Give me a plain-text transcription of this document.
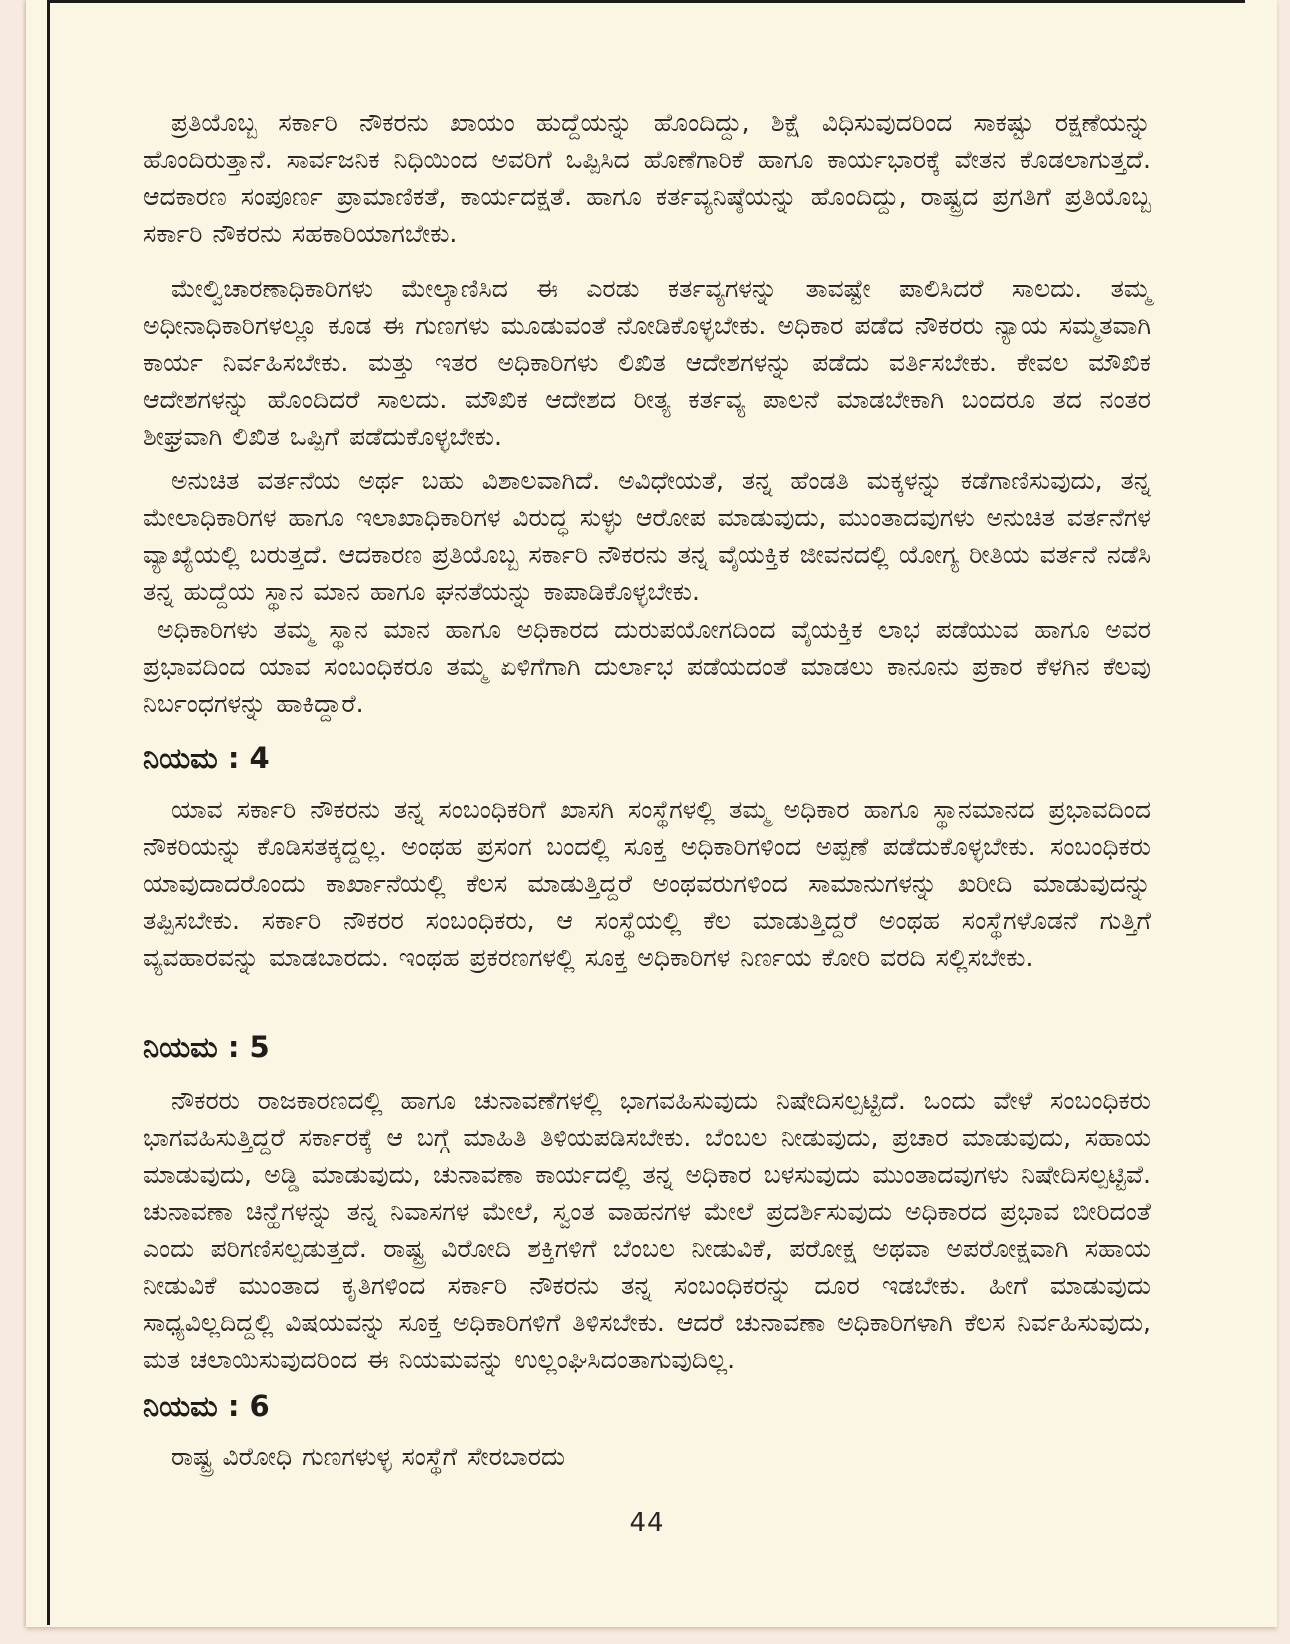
ಪ್ರತಿಯೊಬ್ಬ ಸರ್ಕಾರಿ ನೌಕರನು ಖಾಯಂ ಹುದ್ದೆಯನ್ನು ಹೊಂದಿದ್ದು, ಶಿಕ್ಷೆ ವಿಧಿಸುವುದರಿಂದ ಸಾಕಷ್ಟು ರಕ್ಷಣೆಯನ್ನು ಹೊಂದಿರುತ್ತಾನೆ. ಸಾರ್ವಜನಿಕ ನಿಧಿಯಿಂದ ಅವರಿಗೆ ಒಪ್ಪಿಸಿದ ಹೊಣೆಗಾರಿಕೆ ಹಾಗೂ ಕಾರ್ಯಭಾರಕ್ಕೆ ವೇತನ ಕೊಡಲಾಗುತ್ತದೆ. ಆದಕಾರಣ ಸಂಪೂರ್ಣ ಪ್ರಾಮಾಣಿಕತೆ, ಕಾರ್ಯದಕ್ಷತೆ. ಹಾಗೂ ಕರ್ತವ್ಯನಿಷ್ಠೆಯನ್ನು ಹೊಂದಿದ್ದು, ರಾಷ್ಟ್ರದ ಪ್ರಗತಿಗೆ ಪ್ರತಿಯೊಬ್ಬ ಸರ್ಕಾರಿ ನೌಕರನು ಸಹಕಾರಿಯಾಗಬೇಕು.
ಮೇಲ್ವಿಚಾರಣಾಧಿಕಾರಿಗಳು ಮೇಲ್ಕಾಣಿಸಿದ ಈ ಎರಡು ಕರ್ತವ್ಯಗಳನ್ನು ತಾವಷ್ಟೇ ಪಾಲಿಸಿದರೆ ಸಾಲದು. ತಮ್ಮ ಅಧೀನಾಧಿಕಾರಿಗಳಲ್ಲೂ ಕೂಡ ಈ ಗುಣಗಳು ಮೂಡುವಂತೆ ನೋಡಿಕೊಳ್ಳಬೇಕು. ಅಧಿಕಾರ ಪಡೆದ ನೌಕರರು ನ್ಯಾಯ ಸಮ್ಮತವಾಗಿ ಕಾರ್ಯ ನಿರ್ವಹಿಸಬೇಕು. ಮತ್ತು ಇತರ ಅಧಿಕಾರಿಗಳು ಲಿಖಿತ ಆದೇಶಗಳನ್ನು ಪಡೆದು ವರ್ತಿಸಬೇಕು. ಕೇವಲ ಮೌಖಿಕ ಆದೇಶಗಳನ್ನು ಹೊಂದಿದರೆ ಸಾಲದು. ಮೌಖಿಕ ಆದೇಶದ ರೀತ್ಯ ಕರ್ತವ್ಯ ಪಾಲನೆ ಮಾಡಬೇಕಾಗಿ ಬಂದರೂ ತದ ನಂತರ ಶೀಘ್ರವಾಗಿ ಲಿಖಿತ ಒಪ್ಪಿಗೆ ಪಡೆದುಕೊಳ್ಳಬೇಕು.
ಅನುಚಿತ ವರ್ತನೆಯ ಅರ್ಥ ಬಹು ವಿಶಾಲವಾಗಿದೆ. ಅವಿಧೇಯತೆ, ತನ್ನ ಹೆಂಡತಿ ಮಕ್ಕಳನ್ನು ಕಡೆಗಾಣಿಸುವುದು, ತನ್ನ ಮೇಲಾಧಿಕಾರಿಗಳ ಹಾಗೂ ಇಲಾಖಾಧಿಕಾರಿಗಳ ವಿರುದ್ಧ ಸುಳ್ಳು ಆರೋಪ ಮಾಡುವುದು, ಮುಂತಾದವುಗಳು ಅನುಚಿತ ವರ್ತನೆಗಳ ವ್ಯಾಖ್ಯೆಯಲ್ಲಿ ಬರುತ್ತದೆ. ಆದಕಾರಣ ಪ್ರತಿಯೊಬ್ಬ ಸರ್ಕಾರಿ ನೌಕರನು ತನ್ನ ವೈಯಕ್ತಿಕ ಜೀವನದಲ್ಲಿ ಯೋಗ್ಯ ರೀತಿಯ ವರ್ತನೆ ನಡೆಸಿ ತನ್ನ ಹುದ್ದೆಯ ಸ್ಥಾನ ಮಾನ ಹಾಗೂ ಘನತೆಯನ್ನು ಕಾಪಾಡಿಕೊಳ್ಳಬೇಕು.
ಅಧಿಕಾರಿಗಳು ತಮ್ಮ ಸ್ಥಾನ ಮಾನ ಹಾಗೂ ಅಧಿಕಾರದ ದುರುಪಯೋಗದಿಂದ ವೈಯಕ್ತಿಕ ಲಾಭ ಪಡೆಯುವ ಹಾಗೂ ಅವರ ಪ್ರಭಾವದಿಂದ ಯಾವ ಸಂಬಂಧಿಕರೂ ತಮ್ಮ ಏಳಿಗೆಗಾಗಿ ದುರ್ಲಾಭ ಪಡೆಯದಂತೆ ಮಾಡಲು ಕಾನೂನು ಪ್ರಕಾರ ಕೆಳಗಿನ ಕೆಲವು ನಿರ್ಬಂಧಗಳನ್ನು ಹಾಕಿದ್ದಾರೆ.
ನಿಯಮ : 4
ಯಾವ ಸರ್ಕಾರಿ ನೌಕರನು ತನ್ನ ಸಂಬಂಧಿಕರಿಗೆ ಖಾಸಗಿ ಸಂಸ್ಥೆಗಳಲ್ಲಿ ತಮ್ಮ ಅಧಿಕಾರ ಹಾಗೂ ಸ್ಥಾನಮಾನದ ಪ್ರಭಾವದಿಂದ ನೌಕರಿಯನ್ನು ಕೊಡಿಸತಕ್ಕದ್ದಲ್ಲ. ಅಂಥಹ ಪ್ರಸಂಗ ಬಂದಲ್ಲಿ ಸೂಕ್ತ ಅಧಿಕಾರಿಗಳಿಂದ ಅಪ್ಪಣೆ ಪಡೆದುಕೊಳ್ಳಬೇಕು. ಸಂಬಂಧಿಕರು ಯಾವುದಾದರೊಂದು ಕಾರ್ಖಾನೆಯಲ್ಲಿ ಕೆಲಸ ಮಾಡುತ್ತಿದ್ದರೆ ಅಂಥವರುಗಳಿಂದ ಸಾಮಾನುಗಳನ್ನು ಖರೀದಿ ಮಾಡುವುದನ್ನು ತಪ್ಪಿಸಬೇಕು. ಸರ್ಕಾರಿ ನೌಕರರ ಸಂಬಂಧಿಕರು, ಆ ಸಂಸ್ಥೆಯಲ್ಲಿ ಕೆಲ ಮಾಡುತ್ತಿದ್ದರೆ ಅಂಥಹ ಸಂಸ್ಥೆಗಳೊಡನೆ ಗುತ್ತಿಗೆ ವ್ಯವಹಾರವನ್ನು ಮಾಡಬಾರದು. ಇಂಥಹ ಪ್ರಕರಣಗಳಲ್ಲಿ ಸೂಕ್ತ ಅಧಿಕಾರಿಗಳ ನಿರ್ಣಯ ಕೋರಿ ವರದಿ ಸಲ್ಲಿಸಬೇಕು.
ನಿಯಮ : 5
ನೌಕರರು ರಾಜಕಾರಣದಲ್ಲಿ ಹಾಗೂ ಚುನಾವಣೆಗಳಲ್ಲಿ ಭಾಗವಹಿಸುವುದು ನಿಷೇದಿಸಲ್ಪಟ್ಟಿದೆ. ಒಂದು ವೇಳೆ ಸಂಬಂಧಿಕರು ಭಾಗವಹಿಸುತ್ತಿದ್ದರೆ ಸರ್ಕಾರಕ್ಕೆ ಆ ಬಗ್ಗೆ ಮಾಹಿತಿ ತಿಳಿಯಪಡಿಸಬೇಕು. ಬೆಂಬಲ ನೀಡುವುದು, ಪ್ರಚಾರ ಮಾಡುವುದು, ಸಹಾಯ ಮಾಡುವುದು, ಅಡ್ಡಿ ಮಾಡುವುದು, ಚುನಾವಣಾ ಕಾರ್ಯದಲ್ಲಿ ತನ್ನ ಅಧಿಕಾರ ಬಳಸುವುದು ಮುಂತಾದವುಗಳು ನಿಷೇದಿಸಲ್ಪಟ್ಟಿವೆ. ಚುನಾವಣಾ ಚಿನ್ಹೆಗಳನ್ನು ತನ್ನ ನಿವಾಸಗಳ ಮೇಲೆ, ಸ್ವಂತ ವಾಹನಗಳ ಮೇಲೆ ಪ್ರದರ್ಶಿಸುವುದು ಅಧಿಕಾರದ ಪ್ರಭಾವ ಬೀರಿದಂತೆ ಎಂದು ಪರಿಗಣಿಸಲ್ಪಡುತ್ತದೆ. ರಾಷ್ಟ್ರ ವಿರೋದಿ ಶಕ್ತಿಗಳಿಗೆ ಬೆಂಬಲ ನೀಡುವಿಕೆ, ಪರೋಕ್ಷ ಅಥವಾ ಅಪರೋಕ್ಷವಾಗಿ ಸಹಾಯ ನೀಡುವಿಕೆ ಮುಂತಾದ ಕೃತಿಗಳಿಂದ ಸರ್ಕಾರಿ ನೌಕರನು ತನ್ನ ಸಂಬಂಧಿಕರನ್ನು ದೂರ ಇಡಬೇಕು. ಹೀಗೆ ಮಾಡುವುದು ಸಾಧ್ಯವಿಲ್ಲದಿದ್ದಲ್ಲಿ ವಿಷಯವನ್ನು ಸೂಕ್ತ ಅಧಿಕಾರಿಗಳಿಗೆ ತಿಳಿಸಬೇಕು. ಆದರೆ ಚುನಾವಣಾ ಅಧಿಕಾರಿಗಳಾಗಿ ಕೆಲಸ ನಿರ್ವಹಿಸುವುದು, ಮತ ಚಲಾಯಿಸುವುದರಿಂದ ಈ ನಿಯಮವನ್ನು ಉಲ್ಲಂಘಿಸಿದಂತಾಗುವುದಿಲ್ಲ.
ನಿಯಮ : 6
ರಾಷ್ಟ್ರ ವಿರೋಧಿ ಗುಣಗಳುಳ್ಳ ಸಂಸ್ಥೆಗೆ ಸೇರಬಾರದು
44
